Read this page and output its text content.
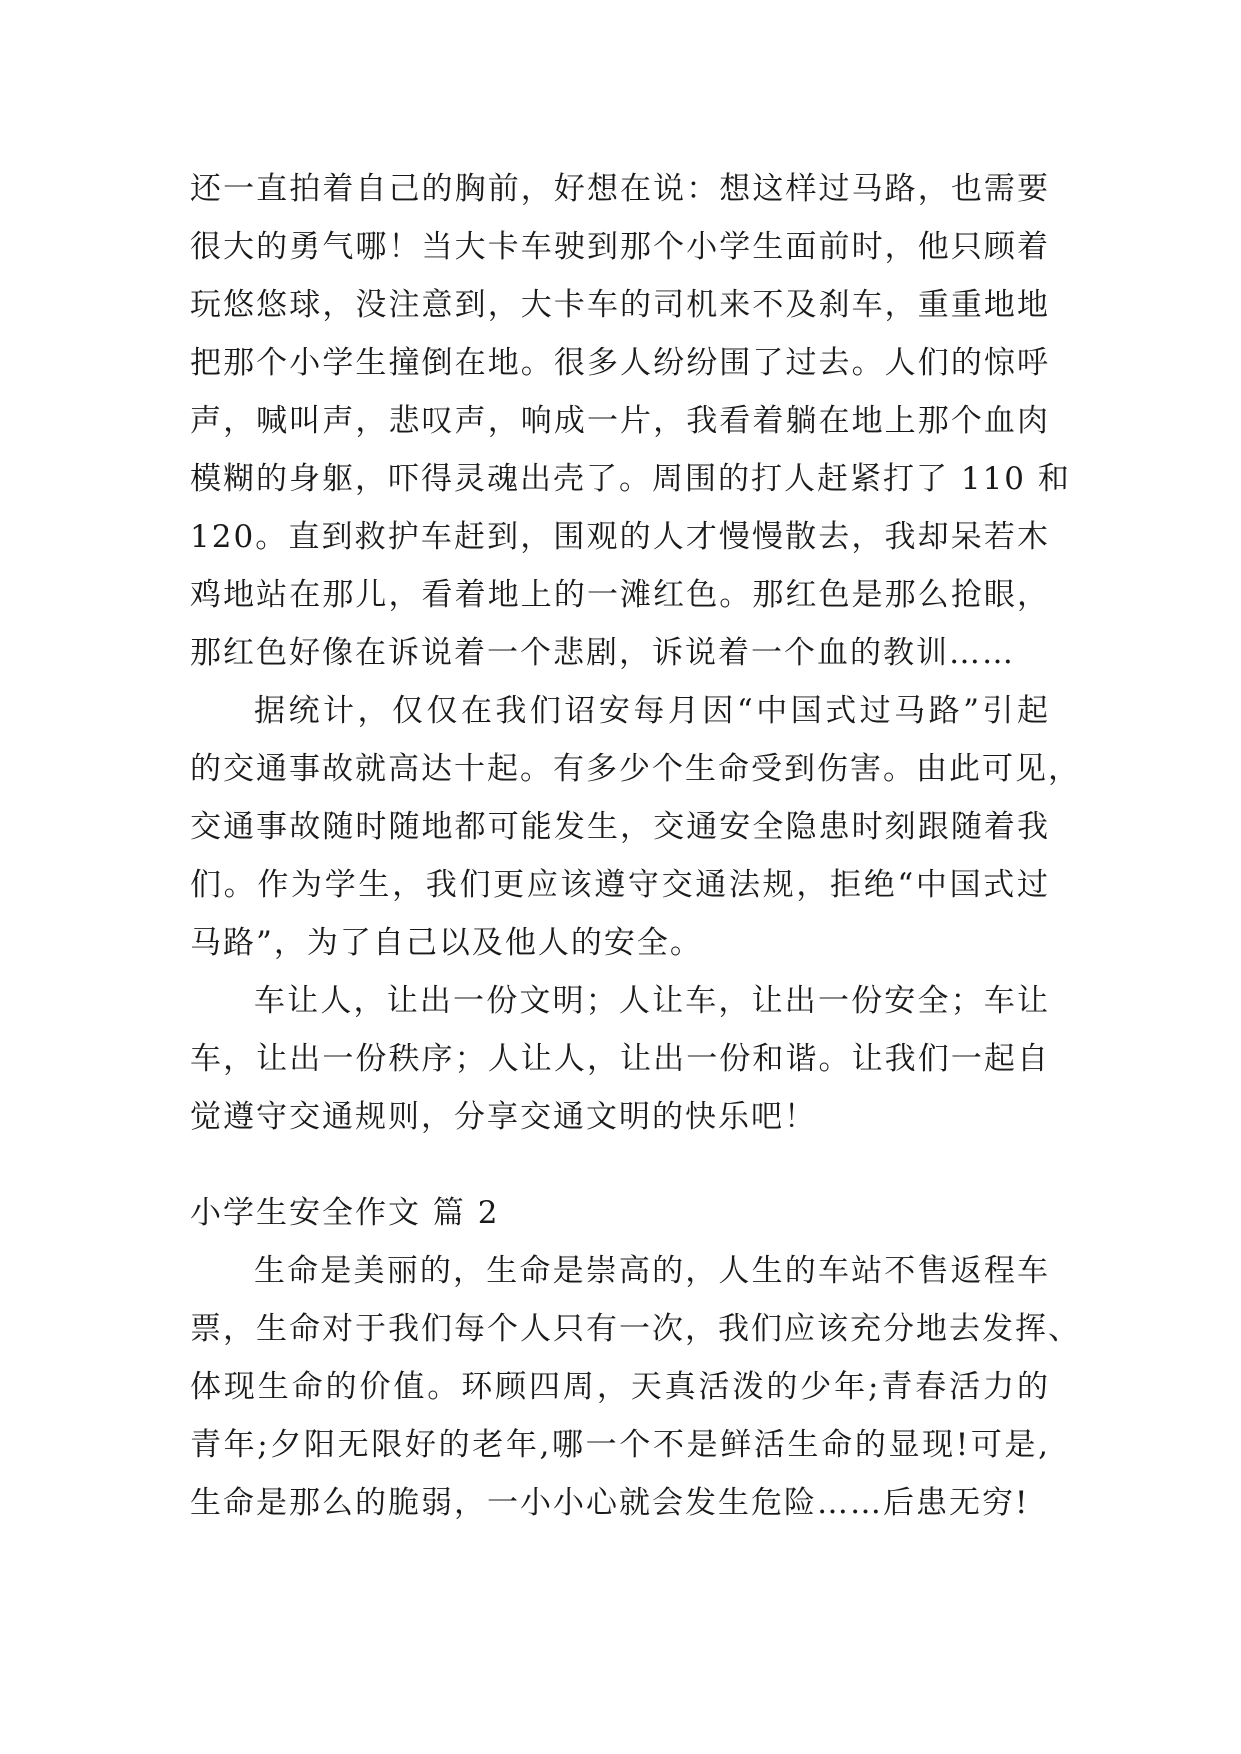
还一直拍着自己的胸前，好想在说：想这样过马路，也需要
很大的勇气哪！当大卡车驶到那个小学生面前时，他只顾着
玩悠悠球，没注意到，大卡车的司机来不及刹车，重重地地
把那个小学生撞倒在地。很多人纷纷围了过去。人们的惊呼
声，喊叫声，悲叹声，响成一片，我看着躺在地上那个血肉
模糊的身躯，吓得灵魂出壳了。周围的打人赶紧打了 110 和
120。直到救护车赶到，围观的人才慢慢散去，我却呆若木
鸡地站在那儿，看着地上的一滩红色。那红色是那么抢眼，
那红色好像在诉说着一个悲剧，诉说着一个血的教训……
据统计，仅仅在我们诏安每月因“中国式过马路”引起
的交通事故就高达十起。有多少个生命受到伤害。由此可见，
交通事故随时随地都可能发生，交通安全隐患时刻跟随着我
们。作为学生，我们更应该遵守交通法规，拒绝“中国式过
马路”，为了自己以及他人的安全。
车让人，让出一份文明；人让车，让出一份安全；车让
车，让出一份秩序；人让人，让出一份和谐。让我们一起自
觉遵守交通规则，分享交通文明的快乐吧！
小学生安全作文 篇 2
生命是美丽的，生命是崇高的，人生的车站不售返程车
票，生命对于我们每个人只有一次，我们应该充分地去发挥、
体现生命的价值。环顾四周，天真活泼的少年;青春活力的
青年;夕阳无限好的老年,哪一个不是鲜活生命的显现!可是,
生命是那么的脆弱，一小小心就会发生危险……后患无穷!
